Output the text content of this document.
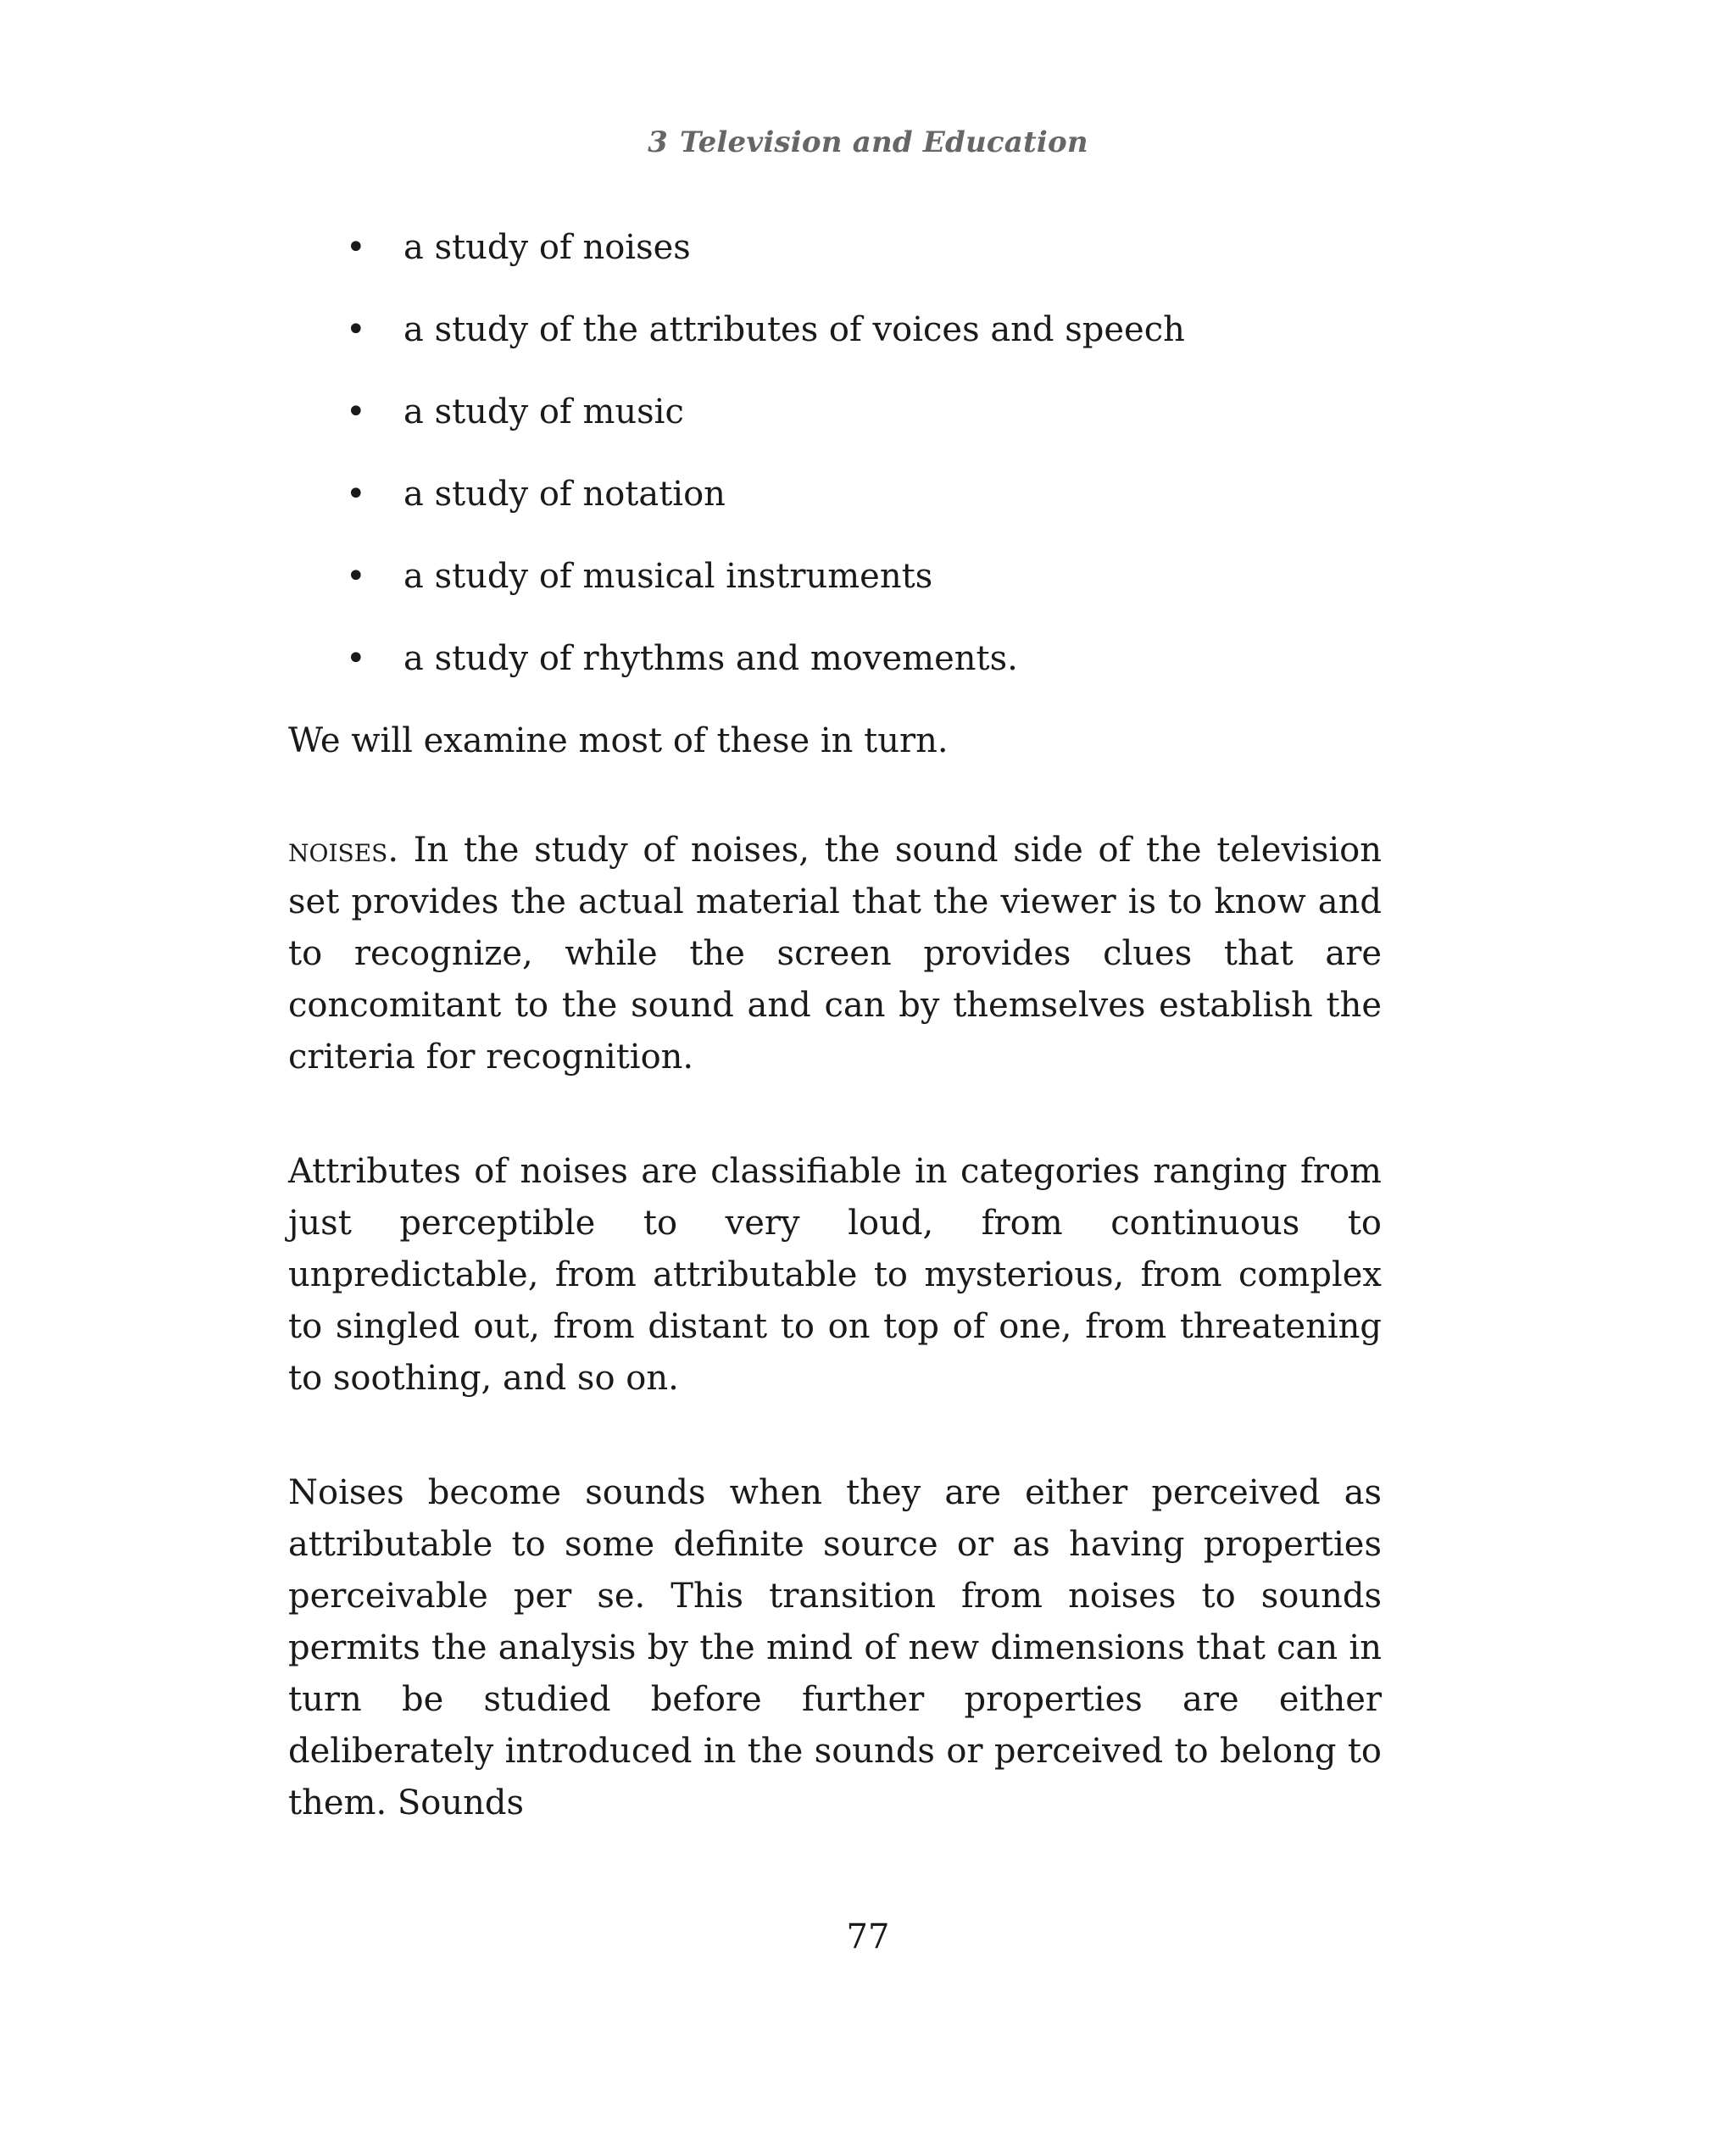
3 Television and Education
• a study of noises
• a study of the attributes of voices and speech
• a study of music
• a study of notation
• a study of musical instruments
• a study of rhythms and movements.

We will examine most of these in turn.

noises. In the study of noises, the sound side of the television set provides the actual material that the viewer is to know and to recognize, while the screen provides clues that are concomitant to the sound and can by themselves establish the criteria for recognition.

Attributes of noises are classifiable in categories ranging from just perceptible to very loud, from continuous to unpredictable, from attributable to mysterious, from complex to singled out, from distant to on top of one, from threatening to soothing, and so on.

Noises become sounds when they are either perceived as attributable to some definite source or as having properties perceivable per se. This transition from noises to sounds permits the analysis by the mind of new dimensions that can in turn be studied before further properties are either deliberately introduced in the sounds or perceived to belong to them. Sounds

77
